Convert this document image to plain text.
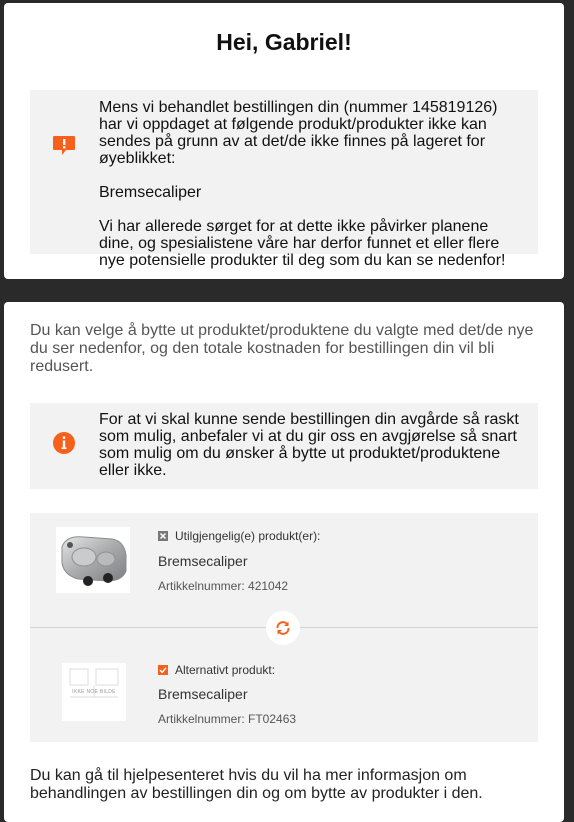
Hei, Gabriel!

Mens vi behandlet bestillingen din (nummer 145819126) har vi oppdaget at følgende produkt/produkter ikke kan sendes på grunn av at det/de ikke finnes på lageret for øyeblikket:

Bremsecaliper

Vi har allerede sørget for at dette ikke påvirker planene dine, og spesialistene våre har derfor funnet et eller flere nye potensielle produkter til deg som du kan se nedenfor!

Du kan velge å bytte ut produktet/produktene du valgte med det/de nye du ser nedenfor, og den totale kostnaden for bestillingen din vil bli redusert.
For at vi skal kunne sende bestillingen din avgårde så raskt som mulig, anbefaler vi at du gir oss en avgjørelse så snart som mulig om du ønsker å bytte ut produktet/produktene eller ikke.
Utilgjengelig(e) produkt(er):
Bremsecaliper
Artikkelnummer: 421042
IKKE NOE BILDE
Alternativt produkt:
Bremsecaliper
Artikkelnummer: FT02463
Du kan gå til hjelpesenteret hvis du vil ha mer informasjon om behandlingen av bestillingen din og om bytte av produkter i den.
